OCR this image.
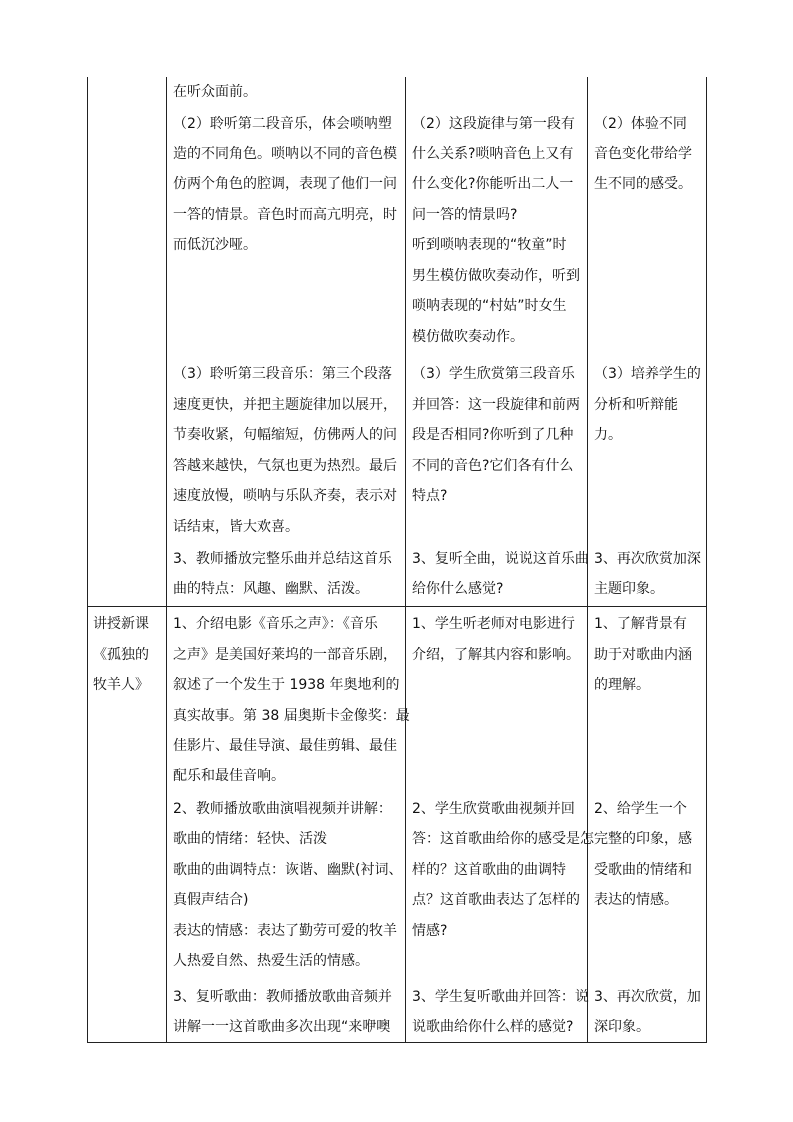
在听众面前。

（2）聆听第二段音乐，体会唢呐塑

造的不同角色。唢呐以不同的音色模

仿两个角色的腔调，表现了他们一问

一答的情景。音色时而高亢明亮，时

而低沉沙哑。

（3）聆听第三段音乐：第三个段落

速度更快，并把主题旋律加以展开，

节奏收紧，句幅缩短，仿佛两人的问

答越来越快，气氛也更为热烈。最后

速度放慢，唢呐与乐队齐奏，表示对

话结束，皆大欢喜。

3、教师播放完整乐曲并总结这首乐

曲的特点：风趣、幽默、活泼。

（2）这段旋律与第一段有

什么关系?唢呐音色上又有

什么变化?你能听出二人一

问一答的情景吗?

听到唢呐表现的“牧童”时

男生模仿做吹奏动作，听到

唢呐表现的“村姑”时女生

模仿做吹奏动作。

（3）学生欣赏第三段音乐

并回答：这一段旋律和前两

段是否相同?你听到了几种

不同的音色?它们各有什么

特点?

3、复听全曲，说说这首乐曲

给你什么感觉?

（2）体验不同

音色变化带给学

生不同的感受。

（3）培养学生的

分析和听辩能

力。

3、再次欣赏加深

主题印象。

讲授新课

《孤独的

牧羊人》

1、介绍电影《音乐之声》：《音乐

之声》是美国好莱坞的一部音乐剧，

叙述了一个发生于 1938 年奥地利的

真实故事。第 38 届奥斯卡金像奖：最

佳影片、最佳导演、最佳剪辑、最佳

配乐和最佳音响。

2、教师播放歌曲演唱视频并讲解：

歌曲的情绪：轻快、活泼

歌曲的曲调特点：诙谐、幽默(衬词、

真假声结合)

表达的情感：表达了勤劳可爱的牧羊

人热爱自然、热爱生活的情感。

3、复听歌曲：教师播放歌曲音频并

讲解一一这首歌曲多次出现“来咿噢

1、学生听老师对电影进行

介绍，了解其内容和影响。

2、学生欣赏歌曲视频并回

答：这首歌曲给你的感受是怎

样的？这首歌曲的曲调特

点？这首歌曲表达了怎样的

情感?

3、学生复听歌曲并回答：说

说歌曲给你什么样的感觉?

1、了解背景有

助于对歌曲内涵

的理解。

2、给学生一个

完整的印象，感

受歌曲的情绪和

表达的情感。

3、再次欣赏，加

深印象。
